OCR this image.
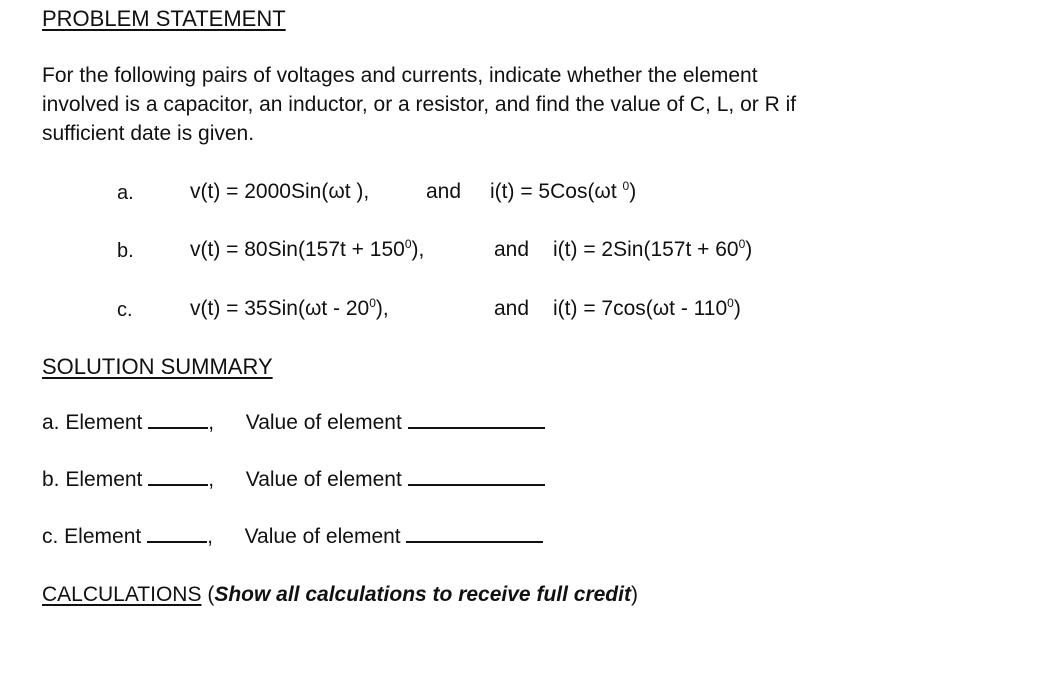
PROBLEM STATEMENT
For the following pairs of voltages and currents, indicate whether the element
involved is a capacitor, an inductor, or a resistor, and find the value of C, L, or R if
sufficient date is given.
a.	v(t) = 2000Sin(ωt ),	and i(t) = 5Cos(ωt $^0$)
b.	$v(t) = 80Sin(157t + 150^0)$,	and $i(t) = 2Sin(157t + 60^0)$
c.	$v(t) = 35Sin(\omega t - 20^0)$,	and $i(t) = 7\cos(\omega t - 110^0)$
SOLUTION SUMMARY
a. Element	, Value of element
b. Element	, Value of element
c. Element	, Value of element
CALCULATIONS (Show all calculations to receive full credit)
